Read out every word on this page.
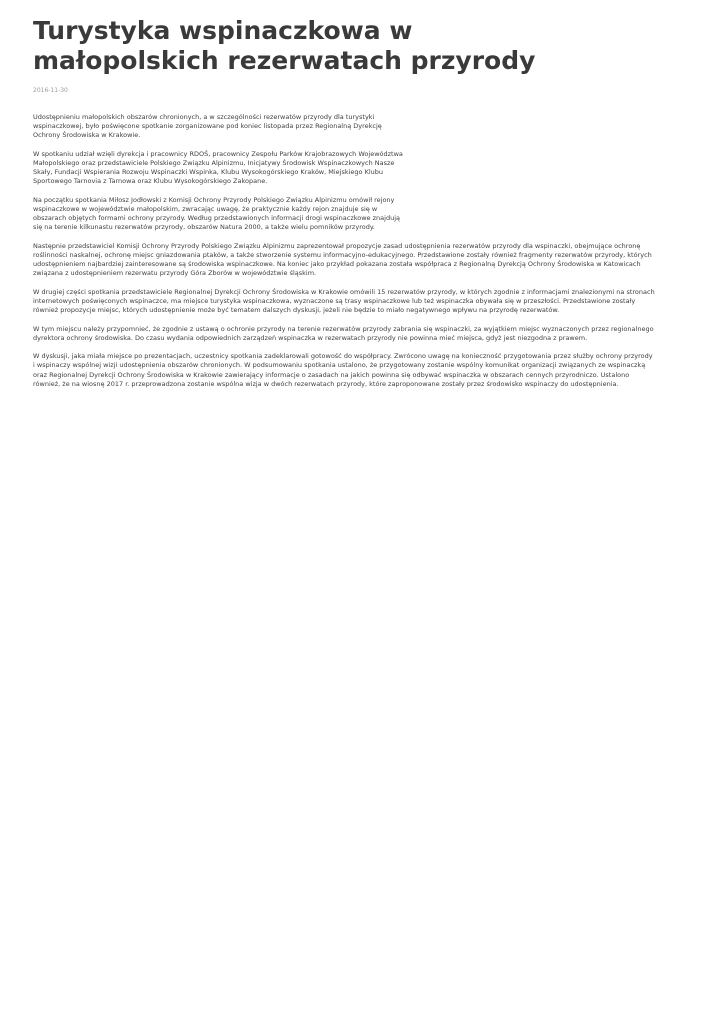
Turystyka wspinaczkowa w małopolskich rezerwatach przyrody
2016-11-30

Udostępnieniu małopolskich obszarów chronionych, a w szczególności rezerwatów przyrody dla turystyki wspinaczkowej, było poświęcone spotkanie zorganizowane pod koniec listopada przez Regionalną Dyrekcję Ochrony Środowiska w Krakowie.

W spotkaniu udział wzięli dyrekcja i pracownicy RDOŚ, pracownicy Zespołu Parków Krajobrazowych Województwa Małopolskiego oraz przedstawiciele Polskiego Związku Alpinizmu, Inicjatywy Środowisk Wspinaczkowych Nasze Skały, Fundacji Wspierania Rozwoju Wspinaczki Wspinka, Klubu Wysokogórskiego Kraków, Miejskiego Klubu Sportowego Tarnovia z Tarnowa oraz Klubu Wysokogórskiego Zakopane.

Na początku spotkania Miłosz Jodłowski z Komisji Ochrony Przyrody Polskiego Związku Alpinizmu omówił rejony wspinaczkowe w województwie małopolskim, zwracając uwagę, że praktycznie każdy rejon znajduje się w obszarach objętych formami ochrony przyrody. Według przedstawionych informacji drogi wspinaczkowe znajdują się na terenie kilkunastu rezerwatów przyrody, obszarów Natura 2000, a także wielu pomników przyrody.

Następnie przedstawiciel Komisji Ochrony Przyrody Polskiego Związku Alpinizmu zaprezentował propozycje zasad udostępnienia rezerwatów przyrody dla wspinaczki, obejmujące ochronę roślinności naskalnej, ochronę miejsc gniazdowania ptaków, a także stworzenie systemu informacyjno-edukacyjnego. Przedstawione zostały również fragmenty rezerwatów przyrody, których udostępnieniem najbardziej zainteresowane są środowiska wspinaczkowe. Na koniec jako przykład pokazana została współpraca z Regionalną Dyrekcją Ochrony Środowiska w Katowicach związana z udostępnieniem rezerwatu przyrody Góra Zborów w województwie śląskim.

W drugiej części spotkania przedstawiciele Regionalnej Dyrekcji Ochrony Środowiska w Krakowie omówili 15 rezerwatów przyrody, w których zgodnie z informacjami znalezionymi na stronach internetowych poświęconych wspinaczce, ma miejsce turystyka wspinaczkowa, wyznaczone są trasy wspinaczkowe lub też wspinaczka obywała się w przeszłości. Przedstawione zostały również propozycje miejsc, których udostępnienie może być tematem dalszych dyskusji, jeżeli nie będzie to miało negatywnego wpływu na przyrodę rezerwatów.

W tym miejscu należy przypomnieć, że zgodnie z ustawą o ochronie przyrody na terenie rezerwatów przyrody zabrania się wspinaczki, za wyjątkiem miejsc wyznaczonych przez regionalnego dyrektora ochrony środowiska. Do czasu wydania odpowiednich zarządzeń wspinaczka w rezerwatach przyrody nie powinna mieć miejsca, gdyż jest niezgodna z prawem.

W dyskusji, jaka miała miejsce po prezentacjach, uczestnicy spotkania zadeklarowali gotowość do współpracy. Zwrócono uwagę na konieczność przygotowania przez służby ochrony przyrody i wspinaczy wspólnej wizji udostępnienia obszarów chronionych. W podsumowaniu spotkania ustalono, że przygotowany zostanie wspólny komunikat organizacji związanych ze wspinaczką oraz Regionalnej Dyrekcji Ochrony Środowiska w Krakowie zawierający informacje o zasadach na jakich powinna się odbywać wspinaczka w obszarach cennych przyrodniczo. Ustalono również, że na wiosnę 2017 r. przeprowadzona zostanie wspólna wizja w dwóch rezerwatach przyrody, które zaproponowane zostały przez środowisko wspinaczy do udostępnienia.
